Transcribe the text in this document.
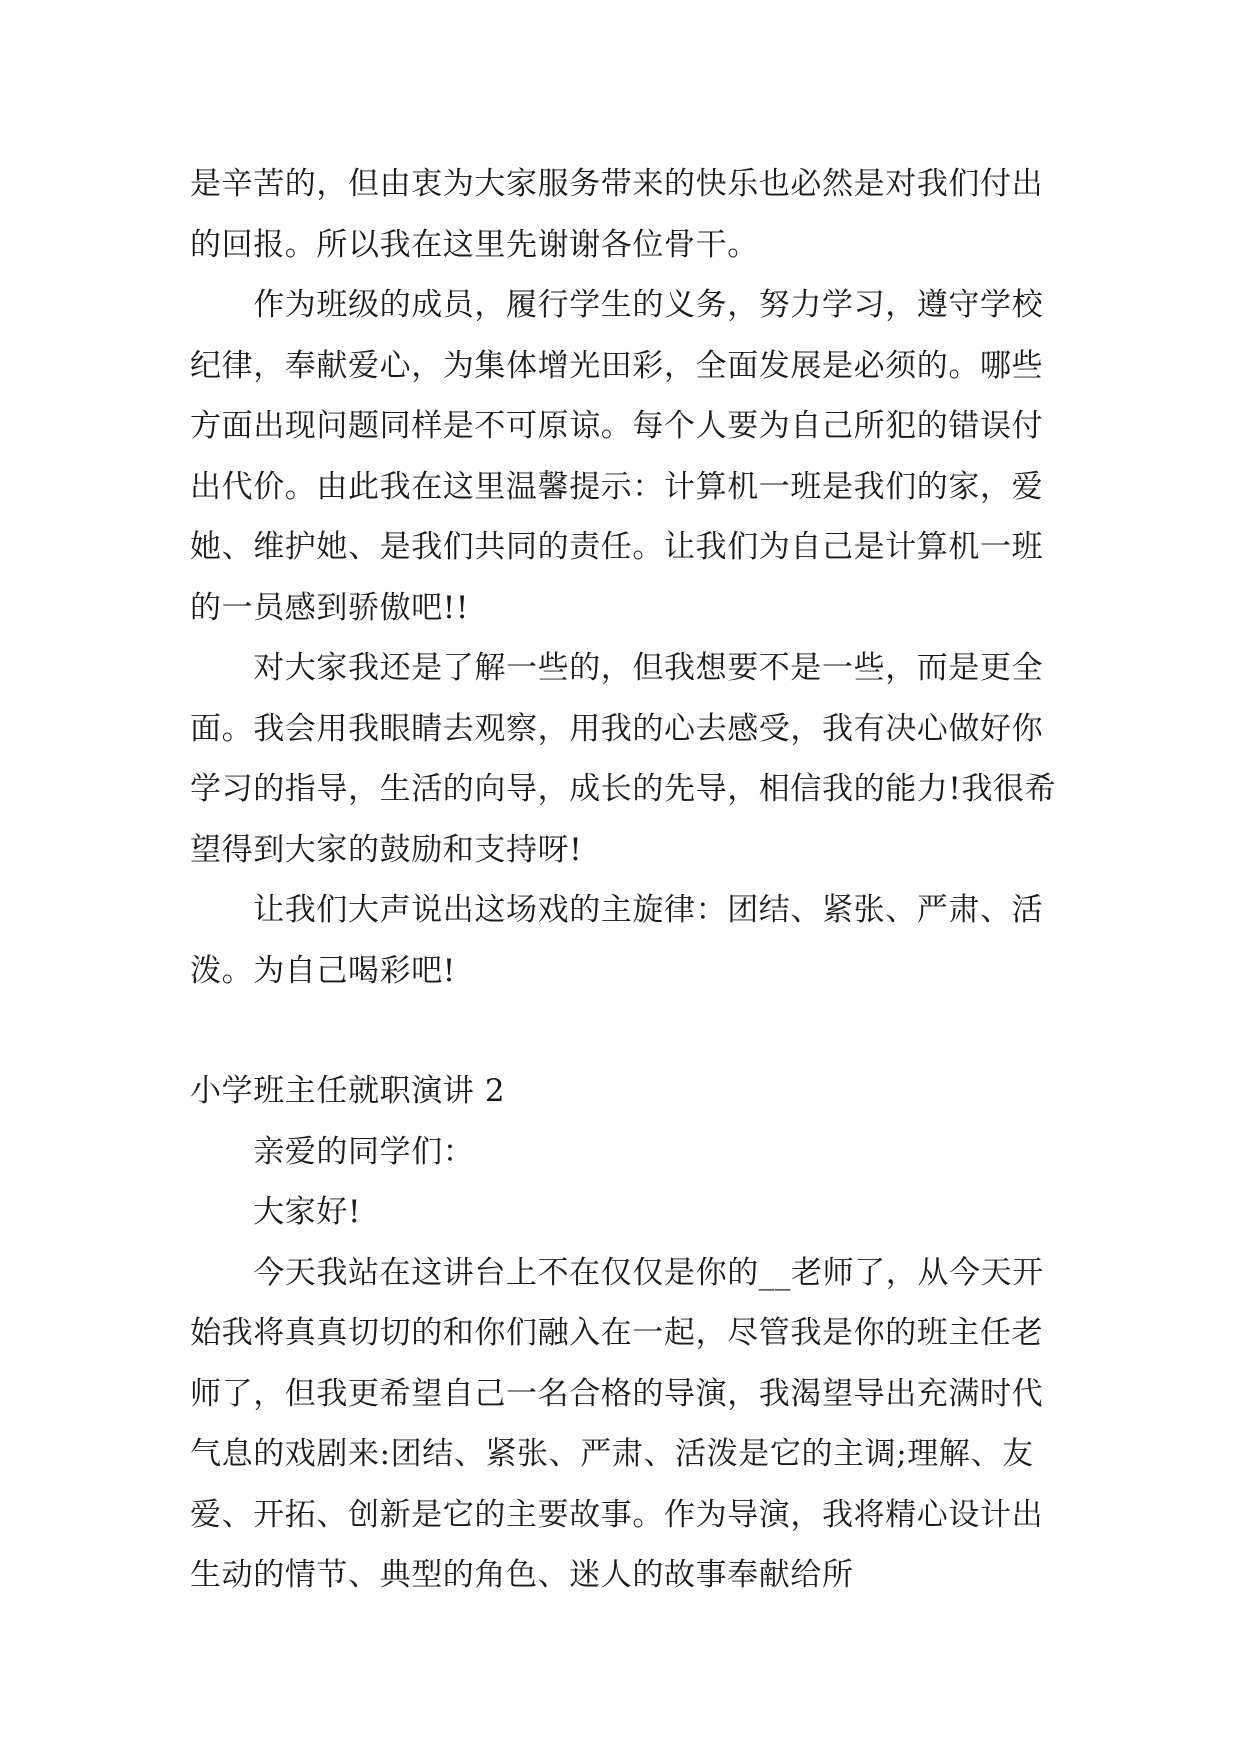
是辛苦的，但由衷为大家服务带来的快乐也必然是对我们付出的回报。所以我在这里先谢谢各位骨干。

　　作为班级的成员，履行学生的义务，努力学习，遵守学校纪律，奉献爱心，为集体增光田彩，全面发展是必须的。哪些方面出现问题同样是不可原谅。每个人要为自己所犯的错误付出代价。由此我在这里温馨提示：计算机一班是我们的家，爱她、维护她、是我们共同的责任。让我们为自己是计算机一班的一员感到骄傲吧!!

　　对大家我还是了解一些的，但我想要不是一些，而是更全面。我会用我眼睛去观察，用我的心去感受，我有决心做好你学习的指导，生活的向导，成长的先导，相信我的能力!我很希望得到大家的鼓励和支持呀!

　　让我们大声说出这场戏的主旋律：团结、紧张、严肃、活泼。为自己喝彩吧!

小学班主任就职演讲 2

　　亲爱的同学们：

　　大家好!

　　今天我站在这讲台上不在仅仅是你的__老师了，从今天开始我将真真切切的和你们融入在一起，尽管我是你的班主任老师了，但我更希望自己一名合格的导演，我渴望导出充满时代气息的戏剧来:团结、紧张、严肃、活泼是它的主调;理解、友爱、开拓、创新是它的主要故事。作为导演，我将精心设计出生动的情节、典型的角色、迷人的故事奉献给所
